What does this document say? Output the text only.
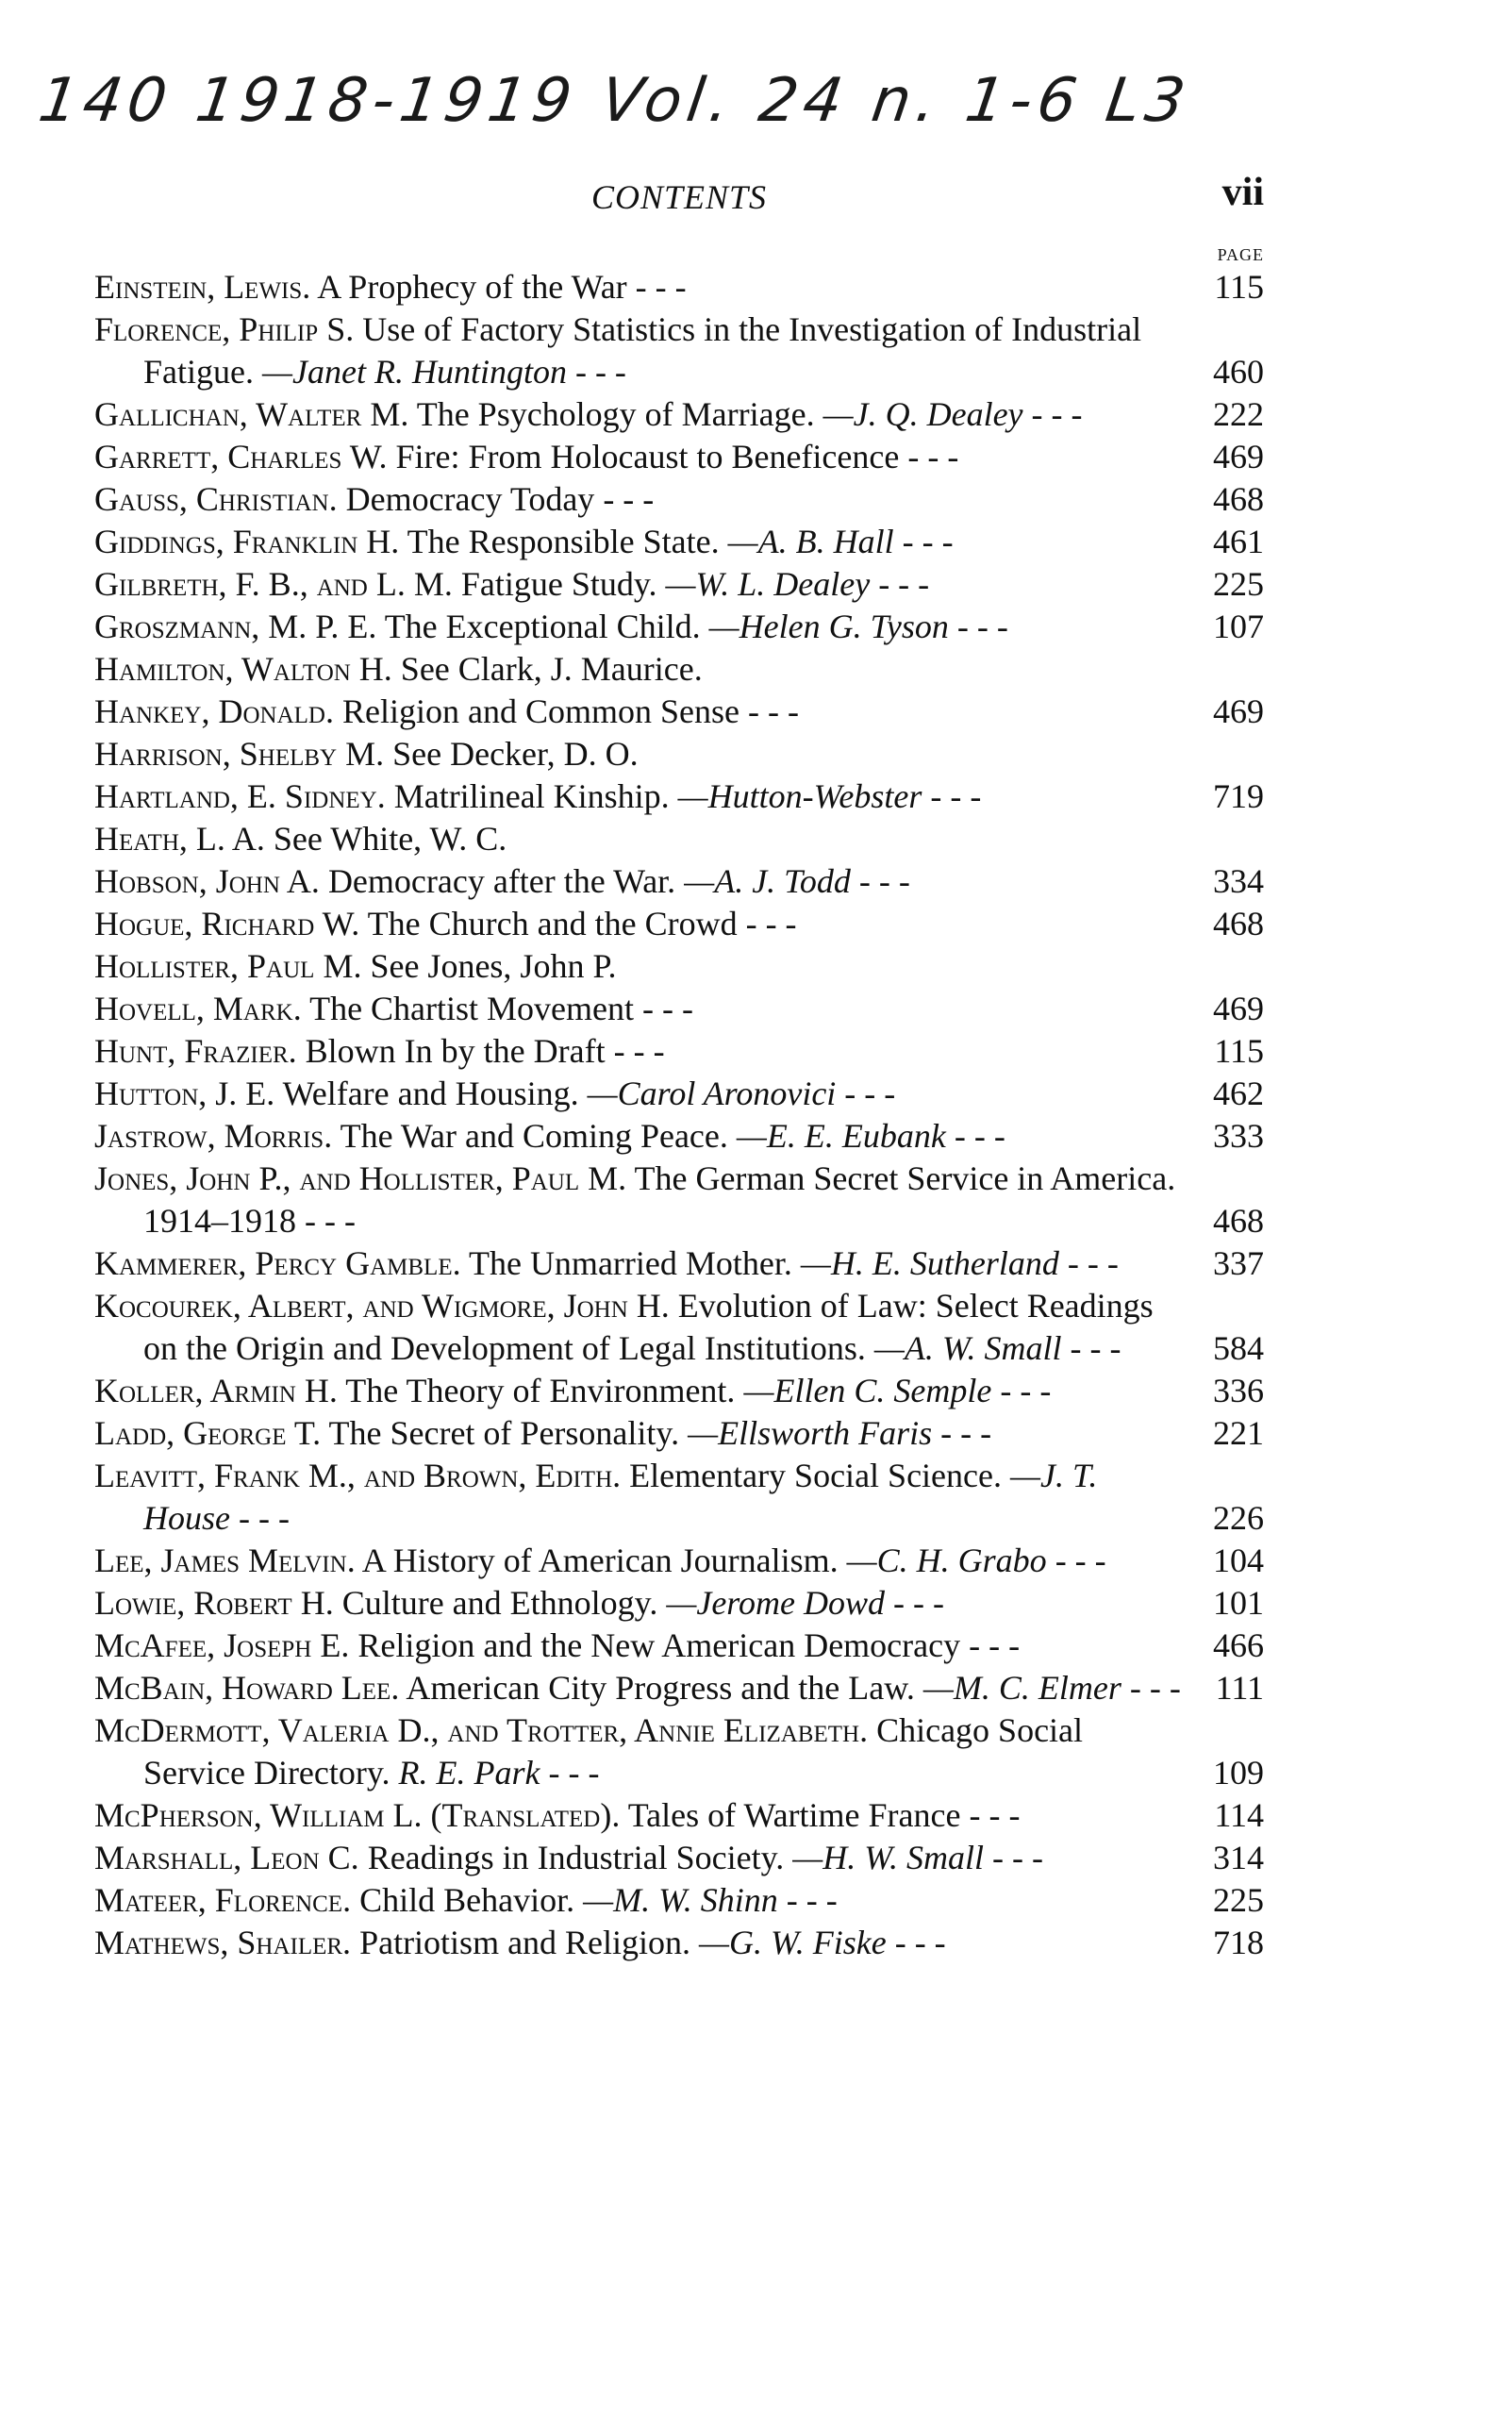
140 1918-1919 Vol. 24 n. 1-6 L3
CONTENTS	vii
PAGE
Einstein, Lewis. A Prophecy of the War - - -	115
Florence, Philip S. Use of Factory Statistics in the Investigation of Industrial Fatigue. —Janet R. Huntington - - -	460
Gallichan, Walter M. The Psychology of Marriage. —J. Q. Dealey - - -	222
Garrett, Charles W. Fire: From Holocaust to Beneficence - - -	469
Gauss, Christian. Democracy Today - - -	468
Giddings, Franklin H. The Responsible State. —A. B. Hall - - -	461
Gilbreth, F. B., and L. M. Fatigue Study. —W. L. Dealey - - -	225
Groszmann, M. P. E. The Exceptional Child. —Helen G. Tyson - - -	107
Hamilton, Walton H. See Clark, J. Maurice.
Hankey, Donald. Religion and Common Sense - - -	469
Harrison, Shelby M. See Decker, D. O.
Hartland, E. Sidney. Matrilineal Kinship. —Hutton-Webster - - -	719
Heath, L. A. See White, W. C.
Hobson, John A. Democracy after the War. —A. J. Todd - - -	334
Hogue, Richard W. The Church and the Crowd - - -	468
Hollister, Paul M. See Jones, John P.
Hovell, Mark. The Chartist Movement - - -	469
Hunt, Frazier. Blown In by the Draft - - -	115
Hutton, J. E. Welfare and Housing. —Carol Aronovici - - -	462
Jastrow, Morris. The War and Coming Peace. —E. E. Eubank - - -	333
Jones, John P., and Hollister, Paul M. The German Secret Service in America. 1914–1918 - - -	468
Kammerer, Percy Gamble. The Unmarried Mother. —H. E. Sutherland - - -	337
Kocourek, Albert, and Wigmore, John H. Evolution of Law: Select Readings on the Origin and Development of Legal Institutions. —A. W. Small - - -	584
Koller, Armin H. The Theory of Environment. —Ellen C. Semple - - -	336
Ladd, George T. The Secret of Personality. —Ellsworth Faris - - -	221
Leavitt, Frank M., and Brown, Edith. Elementary Social Science. —J. T. House - - -	226
Lee, James Melvin. A History of American Journalism. —C. H. Grabo - - -	104
Lowie, Robert H. Culture and Ethnology. —Jerome Dowd - - -	101
McAfee, Joseph E. Religion and the New American Democracy - - -	466
McBain, Howard Lee. American City Progress and the Law. —M. C. Elmer - - -	111
McDermott, Valeria D., and Trotter, Annie Elizabeth. Chicago Social Service Directory. R. E. Park - - -	109
McPherson, William L. (Translated). Tales of Wartime France - - -	114
Marshall, Leon C. Readings in Industrial Society. —H. W. Small - - -	314
Mateer, Florence. Child Behavior. —M. W. Shinn - - -	225
Mathews, Shailer. Patriotism and Religion. —G. W. Fiske - - -	718
